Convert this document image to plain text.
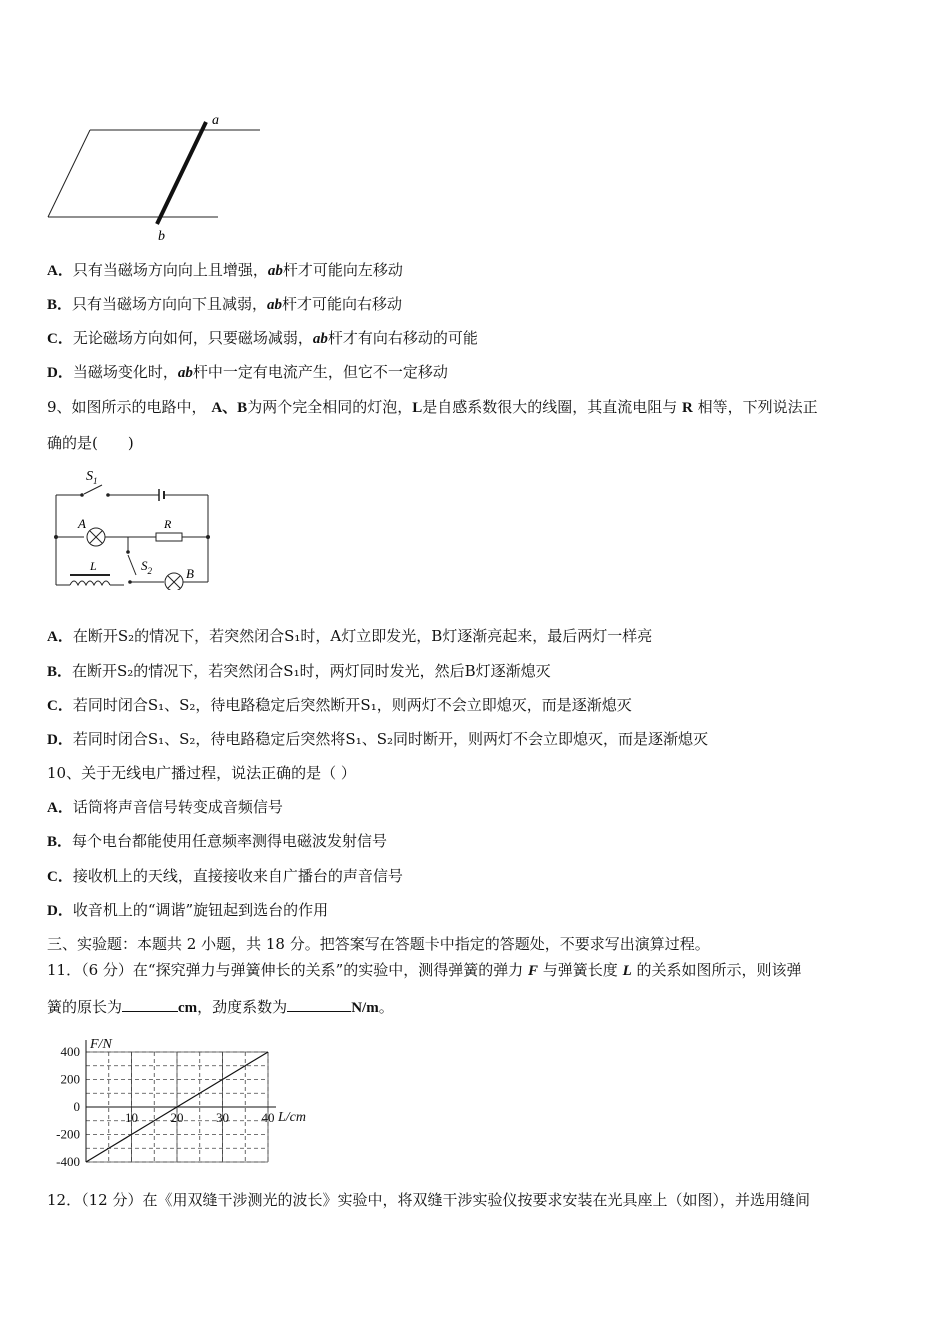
a
b
A．只有当磁场方向向上且增强，ab杆才可能向左移动
B．只有当磁场方向向下且减弱，ab杆才可能向右移动
C．无论磁场方向如何，只要磁场减弱，ab杆才有向右移动的可能
D．当磁场变化时，ab杆中一定有电流产生，但它不一定移动
9、如图所示的电路中， A、B为两个完全相同的灯泡，L是自感系数很大的线圈，其直流电阻与 R 相等，下列说法正
确的是(　　)
$S_1$
A	R
L	$S_2$	B
A．在断开S₂的情况下，若突然闭合S₁时，A灯立即发光，B灯逐渐亮起来，最后两灯一样亮
B．在断开S₂的情况下，若突然闭合S₁时，两灯同时发光，然后B灯逐渐熄灭
C．若同时闭合S₁、S₂，待电路稳定后突然断开S₁，则两灯不会立即熄灭，而是逐渐熄灭
D．若同时闭合S₁、S₂，待电路稳定后突然将S₁、S₂同时断开，则两灯不会立即熄灭，而是逐渐熄灭
10、关于无线电广播过程，说法正确的是（ ）
A．话筒将声音信号转变成音频信号
B．每个电台都能使用任意频率测得电磁波发射信号
C．接收机上的天线，直接接收来自广播台的声音信号
D．收音机上的“调谐”旋钮起到选台的作用
三、实验题：本题共 2 小题，共 18 分。把答案写在答题卡中指定的答题处，不要求写出演算过程。
11．（6 分）在“探究弹力与弹簧伸长的关系”的实验中，测得弹簧的弹力 F 与弹簧长度 L 的关系如图所示，则该弹
簧的原长为	cm，劲度系数为	N/m。
400
200
0
-200
-400
10	20	30	40
F/N
L/cm
12．（12 分）在《用双缝干涉测光的波长》实验中，将双缝干涉实验仪按要求安装在光具座上（如图），并选用缝间
